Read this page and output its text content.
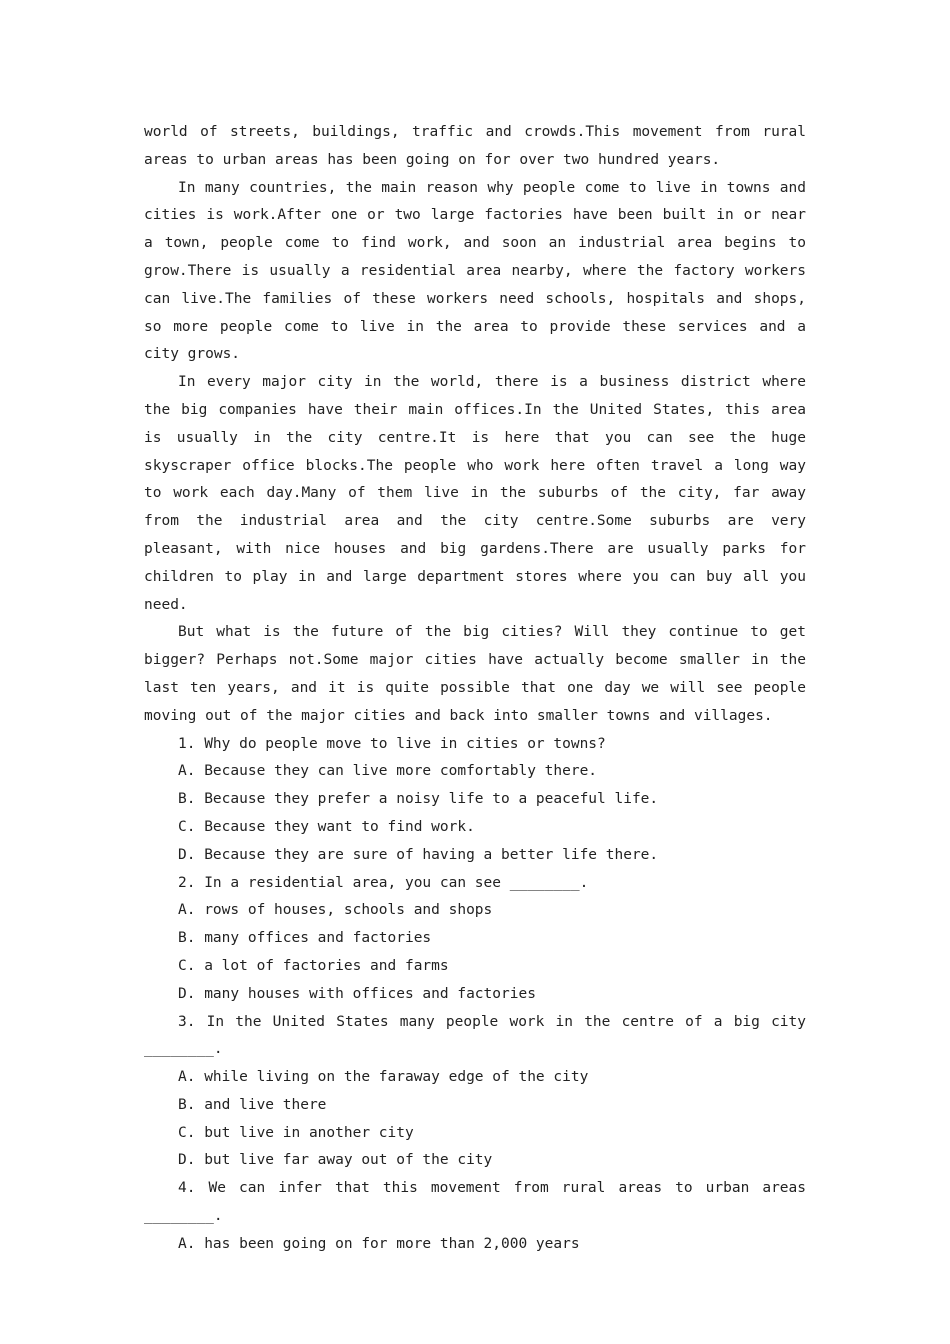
world of streets, buildings, traffic and crowds.This movement from rural areas to urban areas has been going on for over two hundred years.

In many countries, the main reason why people come to live in towns and cities is work.After one or two large factories have been built in or near a town, people come to find work, and soon an industrial area begins to grow.There is usually a residential area nearby, where the factory workers can live.The families of these workers need schools, hospitals and shops, so more people come to live in the area to provide these services and a city grows.

In every major city in the world, there is a business district where the big companies have their main offices.In the United States, this area is usually in the city centre.It is here that you can see the huge skyscraper office blocks.The people who work here often travel a long way to work each day.Many of them live in the suburbs of the city, far away from the industrial area and the city centre.Some suburbs are very pleasant, with nice houses and big gardens.There are usually parks for children to play in and large department stores where you can buy all you need.

But what is the future of the big cities? Will they continue to get bigger? Perhaps not.Some major cities have actually become smaller in the last ten years, and it is quite possible that one day we will see people moving out of the major cities and back into smaller towns and villages.

1. Why do people move to live in cities or towns?

A. Because they can live more comfortably there.

B. Because they prefer a noisy life to a peaceful life.

C. Because they want to find work.

D. Because they are sure of having a better life there.

2. In a residential area, you can see ________.

A. rows of houses, schools and shops

B. many offices and factories

C. a lot of factories and farms

D. many houses with offices and factories

3. In the United States many people work in the centre of a big city ________.

A. while living on the faraway edge of the city

B. and live there

C. but live in another city

D. but live far away out of the city

4. We can infer that this movement from rural areas to urban areas ________.

A. has been going on for more than 2,000 years
